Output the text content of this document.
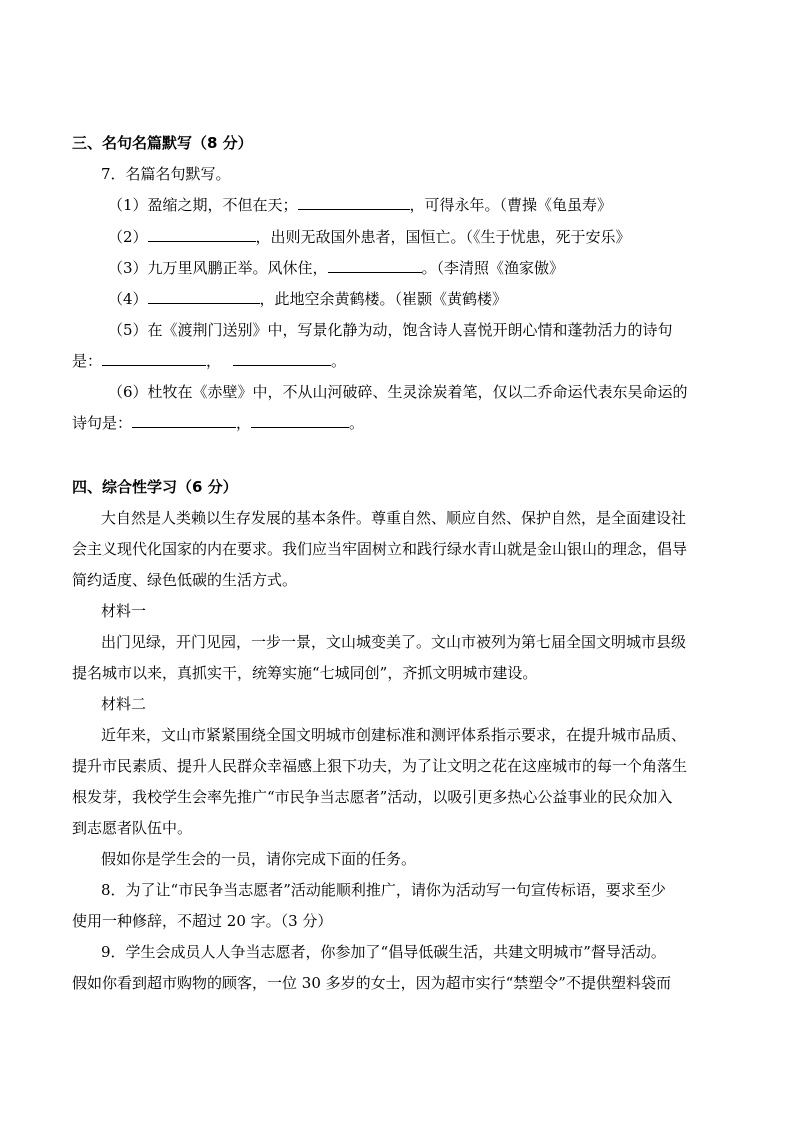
三、名句名篇默写（8 分）
7．名篇名句默写。
（1）盈缩之期，不但在天；	，可得永年。（曹操《龟虽寿》
（2）	，出则无敌国外患者，国恒亡。（《生于忧患，死于安乐》
（3）九万里风鹏正举。风休住，	。（李清照《渔家傲》
（4）	，此地空余黄鹤楼。（崔颢《黄鹤楼》
（5）在《渡荆门送别》中，写景化静为动，饱含诗人喜悦开朗心情和蓬勃活力的诗句
是：	，	。
（6）杜牧在《赤壁》中，不从山河破碎、生灵涂炭着笔，仅以二乔命运代表东吴命运的
诗句是：	，	。
四、综合性学习（6 分）
大自然是人类赖以生存发展的基本条件。尊重自然、顺应自然、保护自然，是全面建设社
会主义现代化国家的内在要求。我们应当牢固树立和践行绿水青山就是金山银山的理念，倡导
简约适度、绿色低碳的生活方式。
材料一
出门见绿，开门见园，一步一景，文山城变美了。文山市被列为第七届全国文明城市县级
提名城市以来，真抓实干，统筹实施“七城同创”，齐抓文明城市建设。
材料二
近年来，文山市紧紧围绕全国文明城市创建标准和测评体系指示要求，在提升城市品质、
提升市民素质、提升人民群众幸福感上狠下功夫，为了让文明之花在这座城市的每一个角落生
根发芽，我校学生会率先推广“市民争当志愿者”活动，以吸引更多热心公益事业的民众加入
到志愿者队伍中。
假如你是学生会的一员，请你完成下面的任务。
8．为了让“市民争当志愿者”活动能顺利推广，请你为活动写一句宣传标语，要求至少
使用一种修辞，不超过 20 字。（3 分）
9．学生会成员人人争当志愿者，你参加了“倡导低碳生活，共建文明城市”督导活动。
假如你看到超市购物的顾客，一位 30 多岁的女士，因为超市实行“禁塑令”不提供塑料袋而
